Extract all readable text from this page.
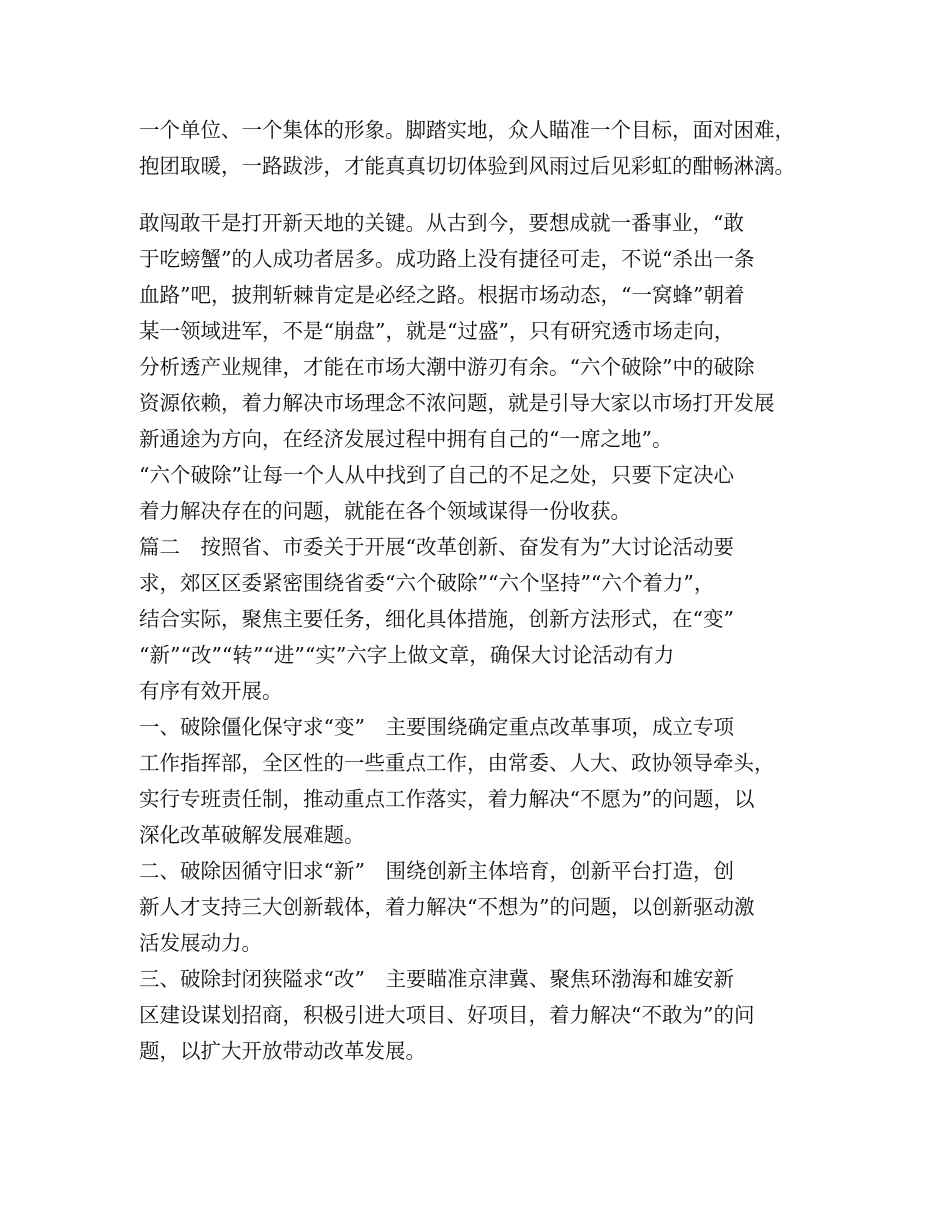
一个单位、一个集体的形象。脚踏实地，众人瞄准一个目标，面对困难，
抱团取暖，一路跋涉，才能真真切切体验到风雨过后见彩虹的酣畅淋漓。
敢闯敢干是打开新天地的关键。从古到今，要想成就一番事业，“敢
于吃螃蟹”的人成功者居多。成功路上没有捷径可走，不说“杀出一条
血路”吧，披荆斩棘肯定是必经之路。根据市场动态，“一窝蜂”朝着
某一领域进军，不是“崩盘”，就是“过盛”，只有研究透市场走向，
分析透产业规律，才能在市场大潮中游刃有余。“六个破除”中的破除
资源依赖，着力解决市场理念不浓问题，就是引导大家以市场打开发展
新通途为方向，在经济发展过程中拥有自己的“一席之地”。
“六个破除”让每一个人从中找到了自己的不足之处，只要下定决心
着力解决存在的问题，就能在各个领域谋得一份收获。
篇二　按照省、市委关于开展“改革创新、奋发有为”大讨论活动要
求，郊区区委紧密围绕省委“六个破除”“六个坚持”“六个着力”，
结合实际，聚焦主要任务，细化具体措施，创新方法形式，在“变”
“新”“改”“转”“进”“实”六字上做文章，确保大讨论活动有力
有序有效开展。
一、破除僵化保守求“变”　主要围绕确定重点改革事项，成立专项
工作指挥部，全区性的一些重点工作，由常委、人大、政协领导牵头，
实行专班责任制，推动重点工作落实，着力解决“不愿为”的问题，以
深化改革破解发展难题。
二、破除因循守旧求“新”　围绕创新主体培育，创新平台打造，创
新人才支持三大创新载体，着力解决“不想为”的问题，以创新驱动激
活发展动力。
三、破除封闭狭隘求“改”　主要瞄准京津冀、聚焦环渤海和雄安新
区建设谋划招商，积极引进大项目、好项目，着力解决“不敢为”的问
题，以扩大开放带动改革发展。
